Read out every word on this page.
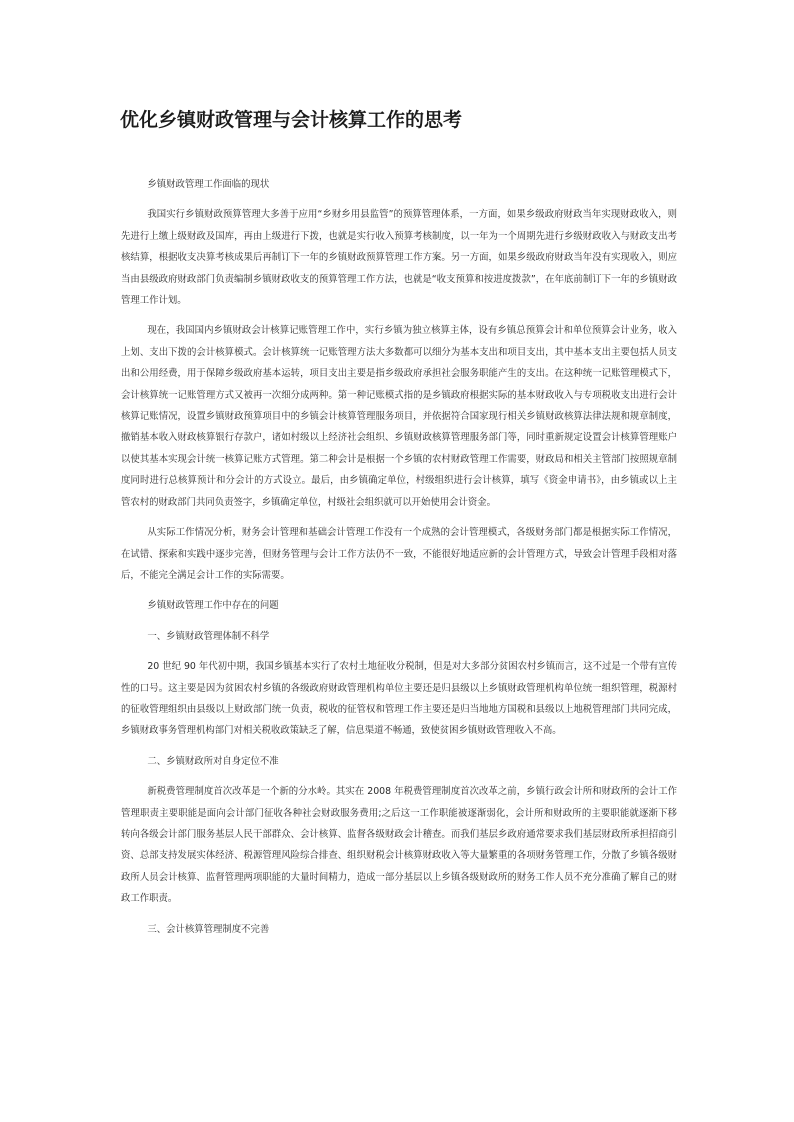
优化乡镇财政管理与会计核算工作的思考

乡镇财政管理工作面临的现状

我国实行乡镇财政预算管理大多善于应用“乡财乡用县监管”的预算管理体系，一方面，如果乡级政府财政当年实现财政收入，则先进行上缴上级财政及国库，再由上级进行下拨，也就是实行收入预算考核制度，以一年为一个周期先进行乡级财政收入与财政支出考核结算，根据收支决算考核成果后再制订下一年的乡镇财政预算管理工作方案。另一方面，如果乡级政府财政当年没有实现收入，则应当由县级政府财政部门负责编制乡镇财政收支的预算管理工作方法，也就是“收支预算和按进度拨款”，在年底前制订下一年的乡镇财政管理工作计划。

现在，我国国内乡镇财政会计核算记账管理工作中，实行乡镇为独立核算主体，设有乡镇总预算会计和单位预算会计业务，收入上划、支出下拨的会计核算模式。会计核算统一记账管理方法大多数都可以细分为基本支出和项目支出，其中基本支出主要包括人员支出和公用经费，用于保障乡级政府基本运转，项目支出主要是指乡级政府承担社会服务职能产生的支出。在这种统一记账管理模式下，会计核算统一记账管理方式又被再一次细分成两种。第一种记账模式指的是乡镇政府根据实际的基本财政收入与专项税收支出进行会计核算记账情况，设置乡镇财政预算项目中的乡镇会计核算管理服务项目，并依据符合国家现行相关乡镇财政核算法律法规和规章制度，撤销基本收入财政核算银行存款户，诸如村级以上经济社会组织、乡镇财政核算管理服务部门等，同时重新规定设置会计核算管理账户以使其基本实现会计统一核算记账方式管理。第二种会计是根据一个乡镇的农村财政管理工作需要，财政局和相关主管部门按照规章制度同时进行总核算预计和分会计的方式设立。最后，由乡镇确定单位，村级组织进行会计核算，填写《资金申请书》，由乡镇或以上主管农村的财政部门共同负责签字，乡镇确定单位，村级社会组织就可以开始使用会计资金。

从实际工作情况分析，财务会计管理和基础会计管理工作没有一个成熟的会计管理模式，各级财务部门都是根据实际工作情况，在试错、探索和实践中逐步完善，但财务管理与会计工作方法仍不一致，不能很好地适应新的会计管理方式，导致会计管理手段相对落后，不能完全满足会计工作的实际需要。

乡镇财政管理工作中存在的问题

一、乡镇财政管理体制不科学

20 世纪 90 年代初中期，我国乡镇基本实行了农村土地征收分税制，但是对大多部分贫困农村乡镇而言，这不过是一个带有宣传性的口号。这主要是因为贫困农村乡镇的各级政府财政管理机构单位主要还是归县级以上乡镇财政管理机构单位统一组织管理，税源村的征收管理组织由县级以上财政部门统一负责，税收的征管权和管理工作主要还是归当地地方国税和县级以上地税管理部门共同完成，乡镇财政事务管理机构部门对相关税收政策缺乏了解，信息渠道不畅通，致使贫困乡镇财政管理收入不高。

二、乡镇财政所对自身定位不准

新税费管理制度首次改革是一个新的分水岭。其实在 2008 年税费管理制度首次改革之前，乡镇行政会计所和财政所的会计工作管理职责主要职能是面向会计部门征收各种社会财政服务费用;之后这一工作职能被逐渐弱化，会计所和财政所的主要职能就逐渐下移转向各级会计部门服务基层人民干部群众、会计核算、监督各级财政会计稽查。而我们基层乡政府通常要求我们基层财政所承担招商引资、总部支持发展实体经济、税源管理风险综合排查、组织财税会计核算财政收入等大量繁重的各项财务管理工作，分散了乡镇各级财政所人员会计核算、监督管理两项职能的大量时间精力，造成一部分基层以上乡镇各级财政所的财务工作人员不充分准确了解自己的财政工作职责。

三、会计核算管理制度不完善
